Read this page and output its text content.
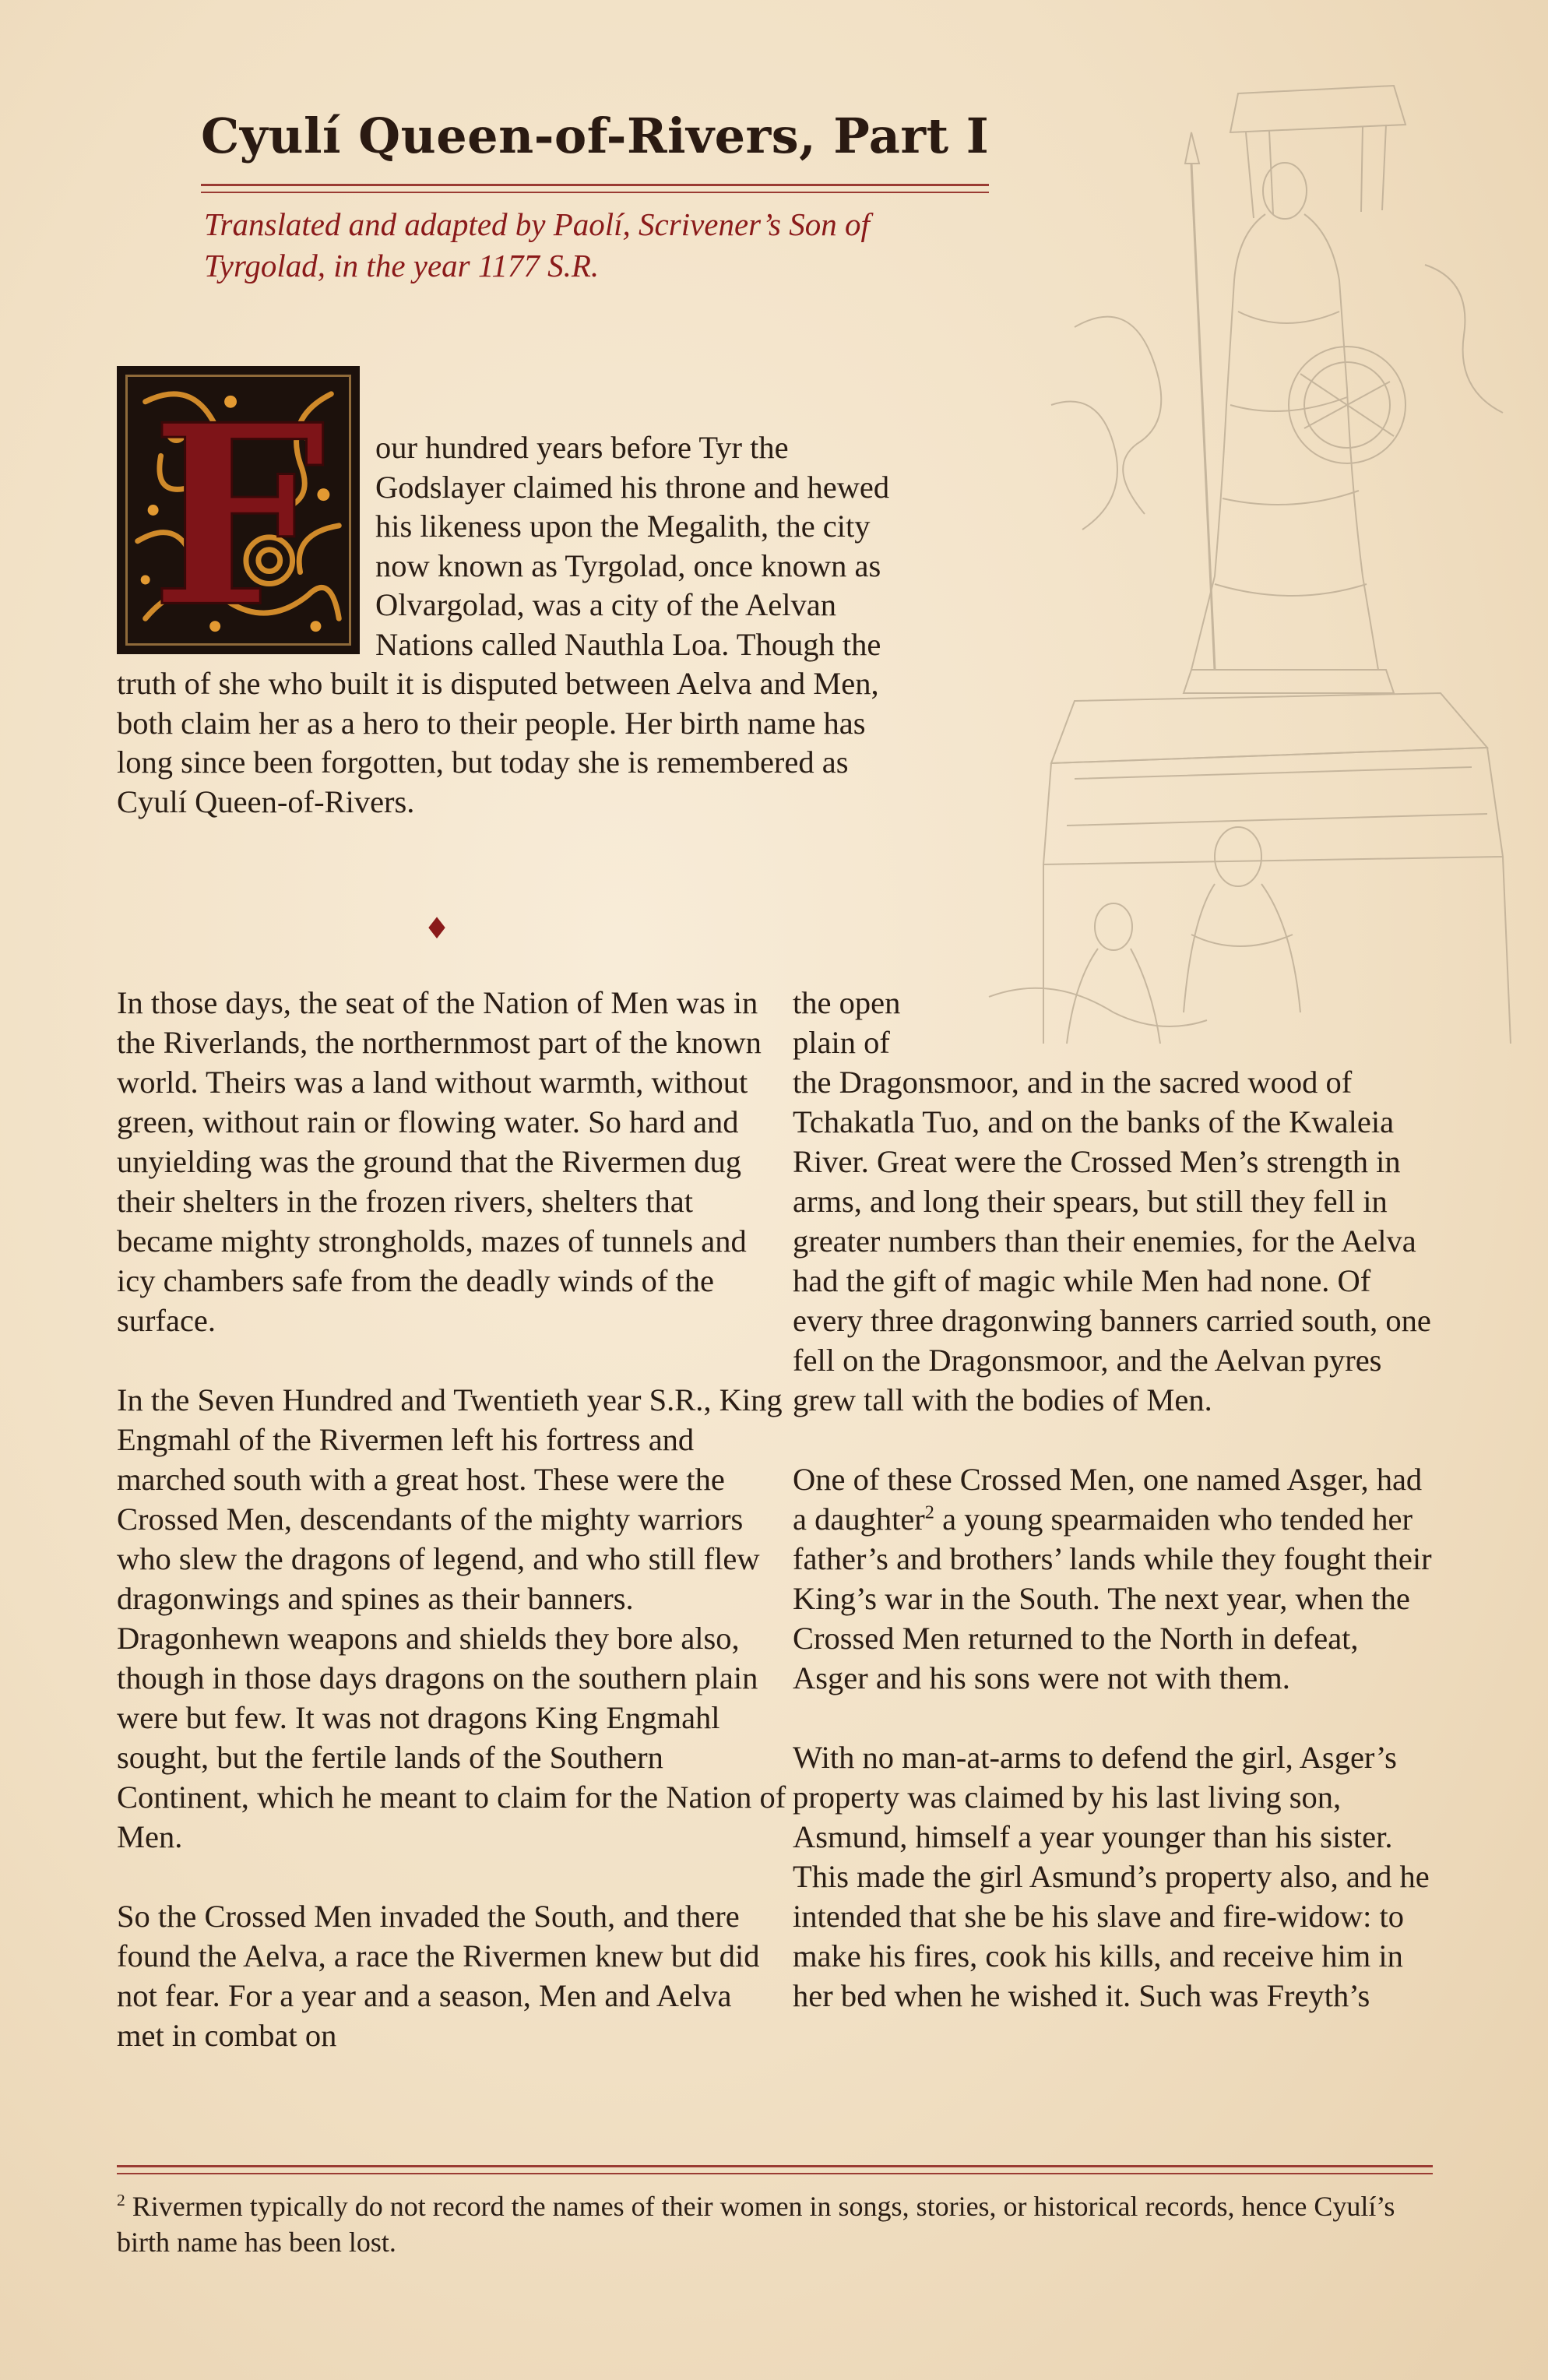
Cyulí Queen-of-Rivers, Part I

Translated and adapted by Paolí, Scrivener’s Son of Tyrgolad, in the year 1177 S.R.

F	our hundred years before Tyr the Godslayer claimed his throne and hewed his likeness upon the Megalith, the city now known as Tyrgolad, once known as Olvargolad, was a city of the Aelvan Nations called Nauthla Loa. Though the truth of she who built it is disputed between Aelva and Men, both claim her as a hero to their people. Her birth name has long since been forgotten, but today she is remembered as Cyulí Queen-of-Rivers.

♦

In those days, the seat of the Nation of Men was in the Riverlands, the northernmost part of the known world. Theirs was a land without warmth, without green, without rain or flowing water. So hard and unyielding was the ground that the Rivermen dug their shelters in the frozen rivers, shelters that became mighty strongholds, mazes of tunnels and icy chambers safe from the deadly winds of the surface.

In the Seven Hundred and Twentieth year S.R., King Engmahl of the Rivermen left his fortress and marched south with a great host. These were the Crossed Men, descendants of the mighty warriors who slew the dragons of legend, and who still flew dragonwings and spines as their banners. Dragonhewn weapons and shields they bore also, though in those days dragons on the southern plain were but few. It was not dragons King Engmahl sought, but the fertile lands of the Southern Continent, which he meant to claim for the Nation of Men.

So the Crossed Men invaded the South, and there found the Aelva, a race the Rivermen knew but did not fear. For a year and a season, Men and Aelva met in combat on

the open plain of

the Dragonsmoor, and in the sacred wood of Tchakatla Tuo, and on the banks of the Kwaleia River. Great were the Crossed Men’s strength in arms, and long their spears, but still they fell in greater numbers than their enemies, for the Aelva had the gift of magic while Men had none. Of every three dragonwing banners carried south, one fell on the Dragonsmoor, and the Aelvan pyres grew tall with the bodies of Men.

One of these Crossed Men, one named Asger, had a daughter$^2$ a young spearmaiden who tended her father’s and brothers’ lands while they fought their King’s war in the South. The next year, when the Crossed Men returned to the North in defeat, Asger and his sons were not with them.

With no man-at-arms to defend the girl, Asger’s property was claimed by his last living son, Asmund, himself a year younger than his sister. This made the girl Asmund’s property also, and he intended that she be his slave and fire-widow: to make his fires, cook his kills, and receive him in her bed when he wished it. Such was Freyth’s

$^2$ Rivermen typically do not record the names of their women in songs, stories, or historical records, hence Cyulí’s birth name has been lost.
